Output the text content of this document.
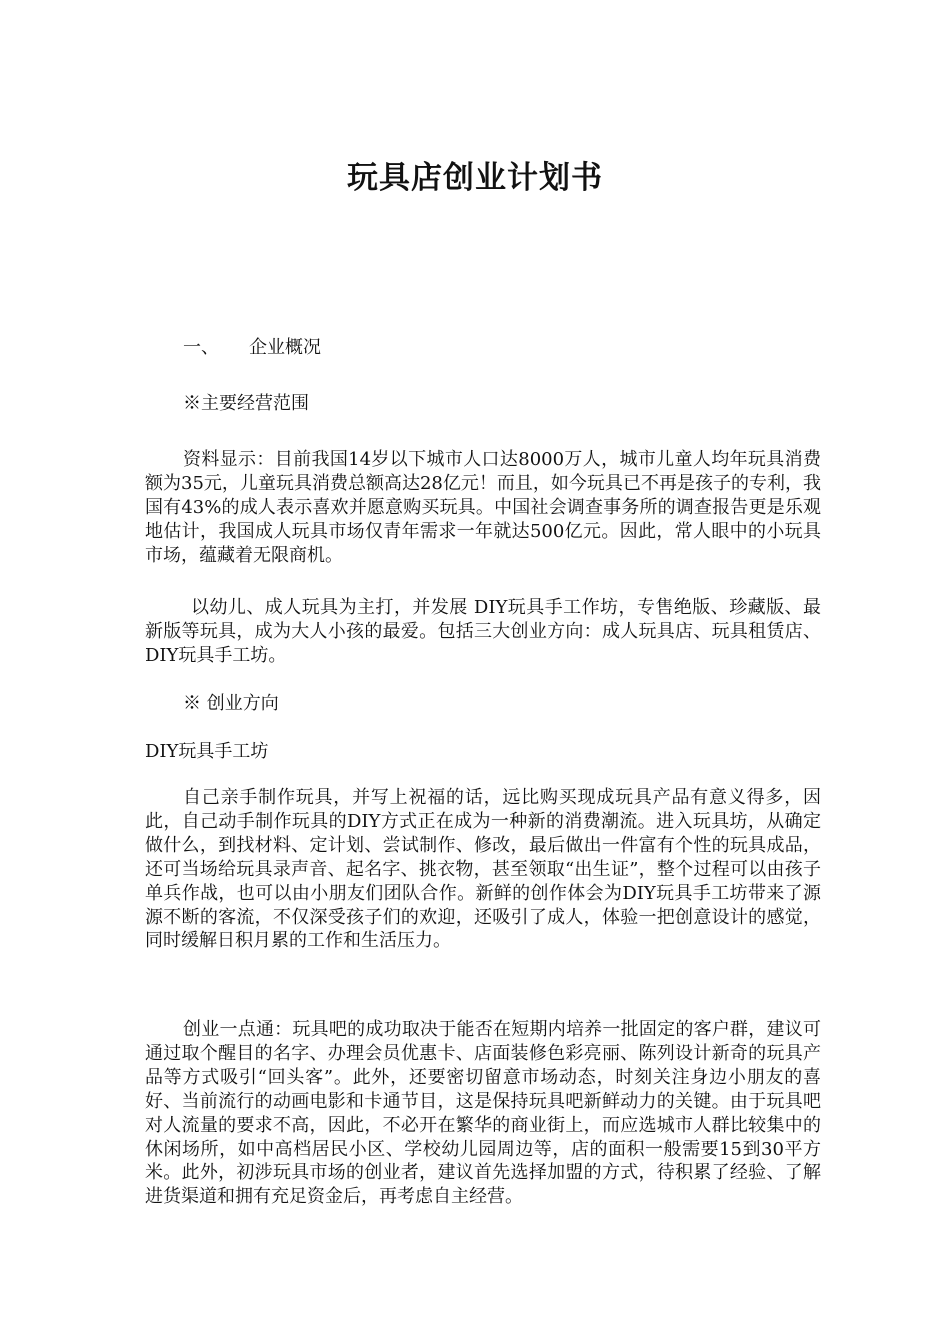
玩具店创业计划书
一、 企业概况

※主要经营范围

资料显示：目前我国14岁以下城市人口达8000万人，城市儿童人均年玩具消费额为35元，儿童玩具消费总额高达28亿元！而且，如今玩具已不再是孩子的专利，我国有43%的成人表示喜欢并愿意购买玩具。中国社会调查事务所的调查报告更是乐观地估计，我国成人玩具市场仅青年需求一年就达500亿元。因此，常人眼中的小玩具市场，蕴藏着无限商机。

以幼儿、成人玩具为主打，并发展 DIY玩具手工作坊，专售绝版、珍藏版、最新版等玩具，成为大人小孩的最爱。包括三大创业方向：成人玩具店、玩具租赁店、DIY玩具手工坊。

※ 创业方向

DIY玩具手工坊

自己亲手制作玩具，并写上祝福的话，远比购买现成玩具产品有意义得多，因此，自己动手制作玩具的DIY方式正在成为一种新的消费潮流。进入玩具坊，从确定做什么，到找材料、定计划、尝试制作、修改，最后做出一件富有个性的玩具成品，还可当场给玩具录声音、起名字、挑衣物，甚至领取“出生证”，整个过程可以由孩子单兵作战，也可以由小朋友们团队合作。新鲜的创作体会为DIY玩具手工坊带来了源源不断的客流，不仅深受孩子们的欢迎，还吸引了成人，体验一把创意设计的感觉，同时缓解日积月累的工作和生活压力。

创业一点通：玩具吧的成功取决于能否在短期内培养一批固定的客户群，建议可通过取个醒目的名字、办理会员优惠卡、店面装修色彩亮丽、陈列设计新奇的玩具产品等方式吸引“回头客”。此外，还要密切留意市场动态，时刻关注身边小朋友的喜好、当前流行的动画电影和卡通节目，这是保持玩具吧新鲜动力的关键。由于玩具吧对人流量的要求不高，因此，不必开在繁华的商业街上，而应选城市人群比较集中的休闲场所，如中高档居民小区、学校幼儿园周边等，店的面积一般需要15到30平方米。此外，初涉玩具市场的创业者，建议首先选择加盟的方式，待积累了经验、了解进货渠道和拥有充足资金后，再考虑自主经营。
